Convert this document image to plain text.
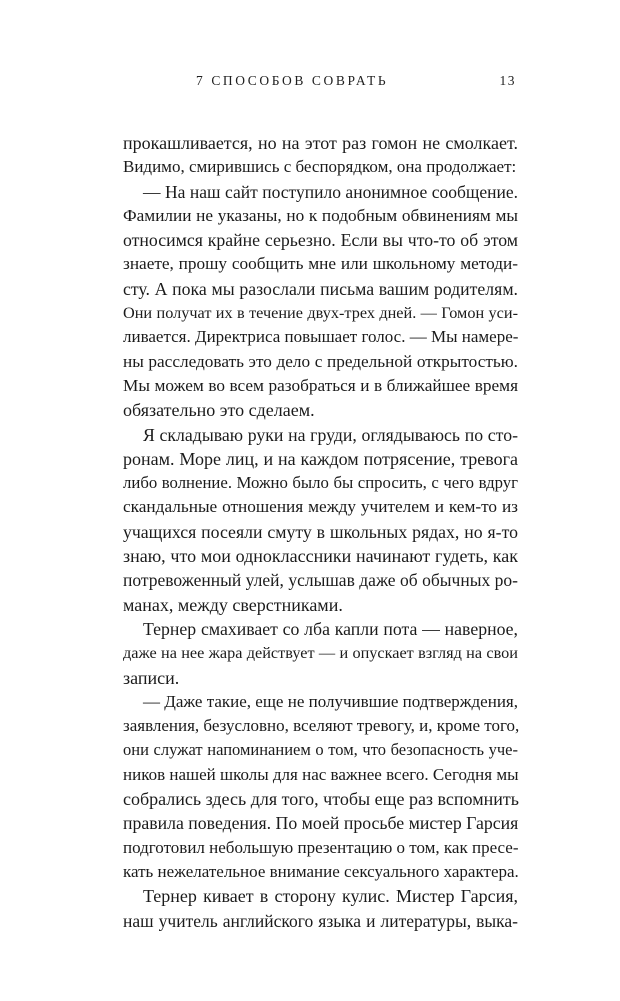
7 СПОСОБОВ СОВРАТЬ	13
прокашливается, но на этот раз гомон не смолкает.
Видимо, смирившись с беспорядком, она продолжает:
— На наш сайт поступило анонимное сообщение.
Фамилии не указаны, но к подобным обвинениям мы
относимся крайне серьезно. Если вы что-то об этом
знаете, прошу сообщить мне или школьному методи-
сту. А пока мы разослали письма вашим родителям.
Они получат их в течение двух-трех дней. — Гомон уси-
ливается. Директриса повышает голос. — Мы намере-
ны расследовать это дело с предельной открытостью.
Мы можем во всем разобраться и в ближайшее время
обязательно это сделаем.
Я складываю руки на груди, оглядываюсь по сто-
ронам. Море лиц, и на каждом потрясение, тревога
либо волнение. Можно было бы спросить, с чего вдруг
скандальные отношения между учителем и кем-то из
учащихся посеяли смуту в школьных рядах, но я-то
знаю, что мои одноклассники начинают гудеть, как
потревоженный улей, услышав даже об обычных ро-
манах, между сверстниками.
Тернер смахивает со лба капли пота — наверное,
даже на нее жара действует — и опускает взгляд на свои
записи.
— Даже такие, еще не получившие подтверждения,
заявления, безусловно, вселяют тревогу, и, кроме того,
они служат напоминанием о том, что безопасность уче-
ников нашей школы для нас важнее всего. Сегодня мы
собрались здесь для того, чтобы еще раз вспомнить
правила поведения. По моей просьбе мистер Гарсия
подготовил небольшую презентацию о том, как пресе-
кать нежелательное внимание сексуального характера.
Тернер кивает в сторону кулис. Мистер Гарсия,
наш учитель английского языка и литературы, выка-
